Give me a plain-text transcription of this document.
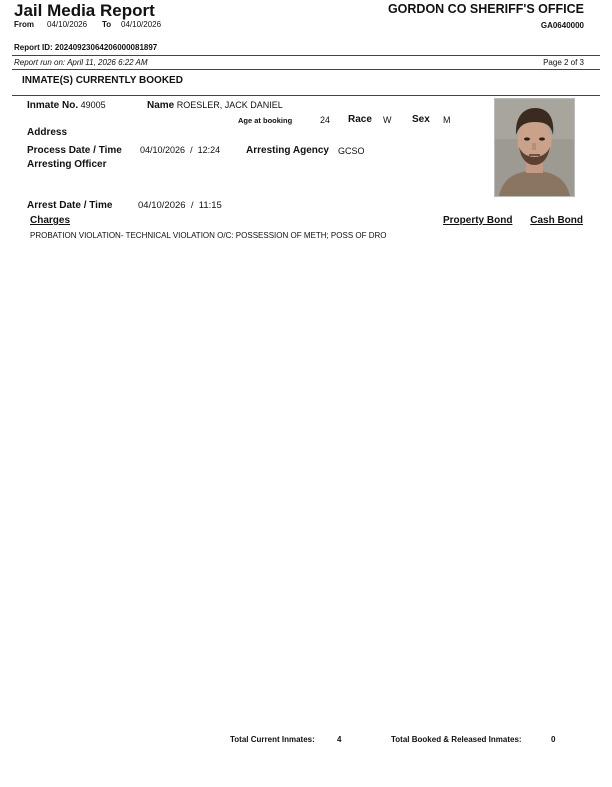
Jail Media Report
From 04/10/2026 To 04/10/2026
GORDON CO SHERIFF'S OFFICE
GA0640000
Report ID: 20240923064206000081897
Report run on: April 11, 2026 6:22 AM	Page 2 of 3
INMATE(S) CURRENTLY BOOKED
Inmate No. 49005	Name ROESLER, JACK DANIEL
Age at booking	24 Race W Sex M
Address
Process Date / Time 04/10/2026 / 12:24	Arresting Agency GCSO
Arresting Officer
Arrest Date / Time	04/10/2026 / 11:15
Charges	Property Bond Cash Bond
PROBATION VIOLATION- TECHNICAL VIOLATION O/C: POSSESSION OF METH; POSS OF DRO
Total Current Inmates:	4	Total Booked & Released Inmates:	0
